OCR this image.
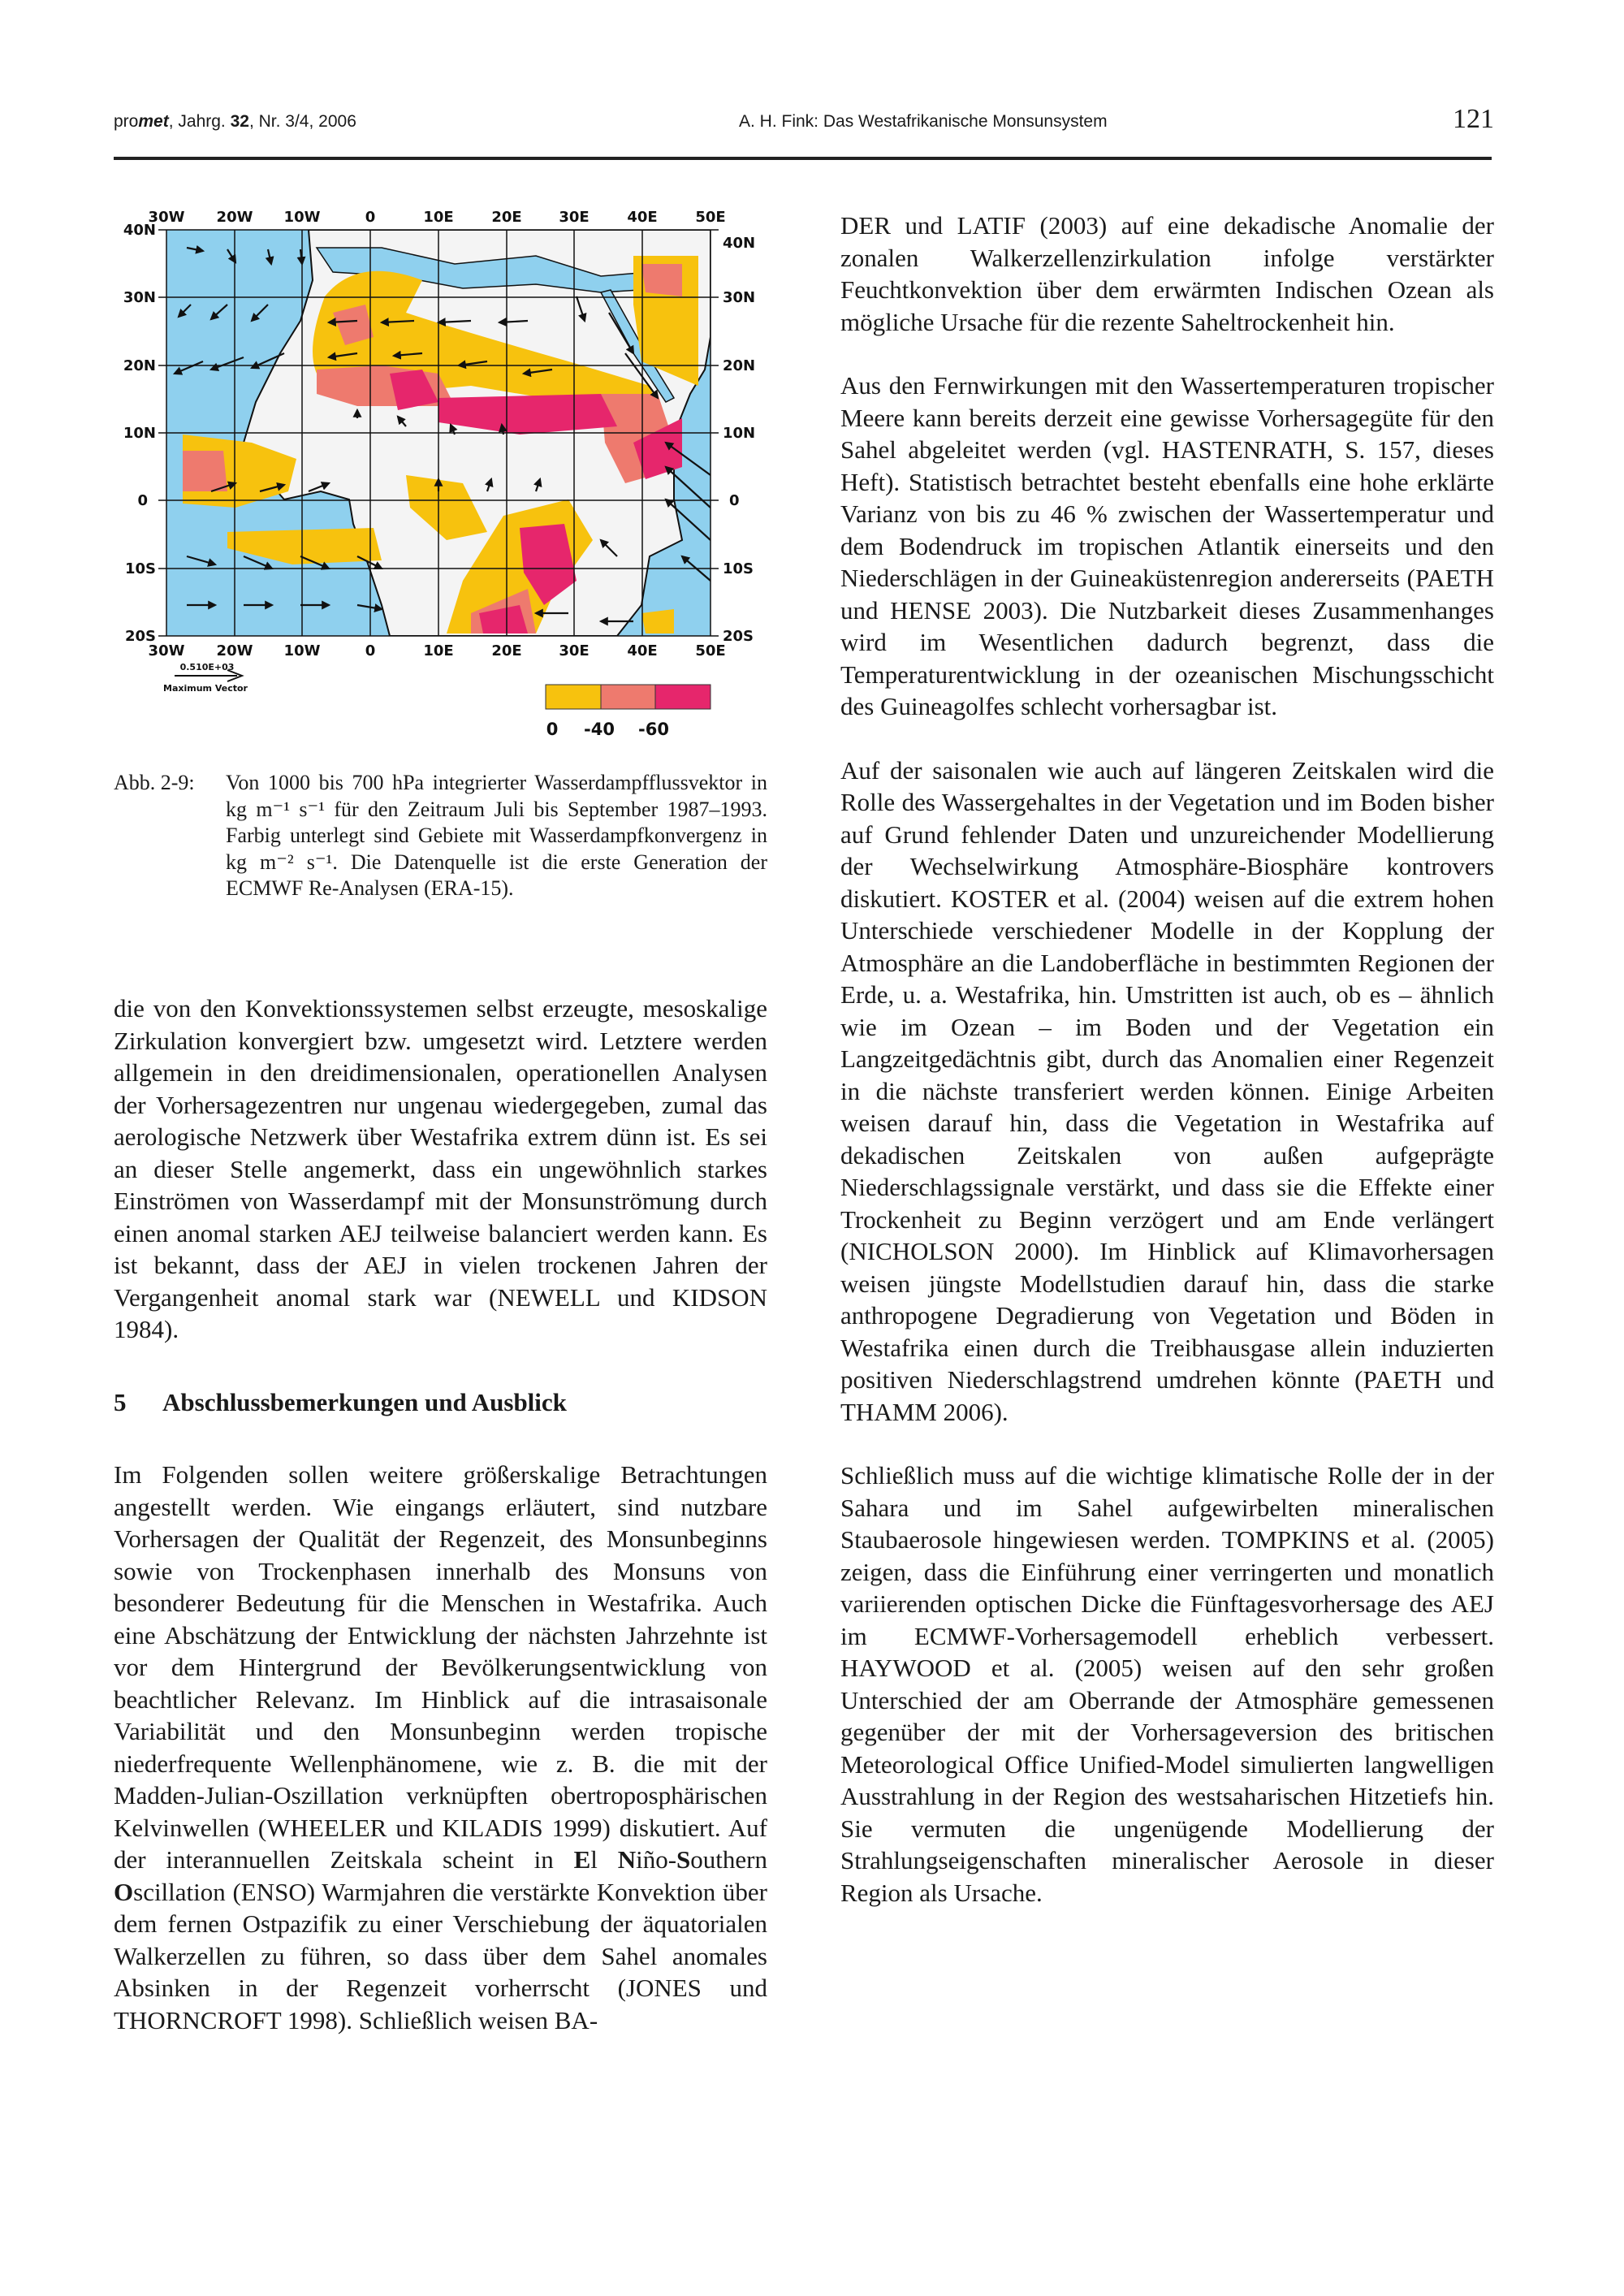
promet, Jahrg. 32, Nr. 3/4, 2006	A. H. Fink: Das Westafrikanische Monsunsystem	121
30W 20W 10W	0	10E	20E	30E	40E	50E
30W 20W 10W	0	10E	20E	30E	40E	50E
40N
30N
20N
10N
0
10S
20S
40N
30N
20N
10N
0
10S
20S
0.510E+03
Maximum Vector
0 -40 -60
Abb. 2-9: Von 1000 bis 700 hPa integrierter Wasserdampfflussvektor in kg m⁻¹ s⁻¹ für den Zeitraum Juli bis September 1987–1993. Farbig unterlegt sind Gebiete mit Wasserdampfkonvergenz in kg m⁻² s⁻¹. Die Datenquelle ist die erste Generation der ECMWF Re-Analysen (ERA-15).

die von den Konvektionssystemen selbst erzeugte, mesoskalige Zirkulation konvergiert bzw. umgesetzt wird. Letztere werden allgemein in den dreidimensionalen, operationellen Analysen der Vorhersagezentren nur ungenau wiedergegeben, zumal das aerologische Netzwerk über Westafrika extrem dünn ist. Es sei an dieser Stelle angemerkt, dass ein ungewöhnlich starkes Einströmen von Wasserdampf mit der Monsunströmung durch einen anomal starken AEJ teilweise balanciert werden kann. Es ist bekannt, dass der AEJ in vielen trockenen Jahren der Vergangenheit anomal stark war (NEWELL und KIDSON 1984).

5 Abschlussbemerkungen und Ausblick

Im Folgenden sollen weitere größerskalige Betrachtungen angestellt werden. Wie eingangs erläutert, sind nutzbare Vorhersagen der Qualität der Regenzeit, des Monsunbeginns sowie von Trockenphasen innerhalb des Monsuns von besonderer Bedeutung für die Menschen in Westafrika. Auch eine Abschätzung der Entwicklung der nächsten Jahrzehnte ist vor dem Hintergrund der Bevölkerungsentwicklung von beachtlicher Relevanz. Im Hinblick auf die intrasaisonale Variabilität und den Monsunbeginn werden tropische niederfrequente Wellenphänomene, wie z. B. die mit der Madden-Julian-Oszillation verknüpften obertroposphärischen Kelvinwellen (WHEELER und KILADIS 1999) diskutiert. Auf der interannuellen Zeitskala scheint in El Niño-Southern Oscillation (ENSO) Warmjahren die verstärkte Konvektion über dem fernen Ostpazifik zu einer Verschiebung der äquatorialen Walkerzellen zu führen, so dass über dem Sahel anomales Absinken in der Regenzeit vorherrscht (JONES und THORNCROFT 1998). Schließlich weisen BA-

DER und LATIF (2003) auf eine dekadische Anomalie der zonalen Walkerzellenzirkulation infolge verstärkter Feuchtkonvektion über dem erwärmten Indischen Ozean als mögliche Ursache für die rezente Saheltrockenheit hin.

Aus den Fernwirkungen mit den Wassertemperaturen tropischer Meere kann bereits derzeit eine gewisse Vorhersagegüte für den Sahel abgeleitet werden (vgl. HASTENRATH, S. 157, dieses Heft). Statistisch betrachtet besteht ebenfalls eine hohe erklärte Varianz von bis zu 46 % zwischen der Wassertemperatur und dem Bodendruck im tropischen Atlantik einerseits und den Niederschlägen in der Guineaküstenregion andererseits (PAETH und HENSE 2003). Die Nutzbarkeit dieses Zusammenhanges wird im Wesentlichen dadurch begrenzt, dass die Temperaturentwicklung in der ozeanischen Mischungsschicht des Guineagolfes schlecht vorhersagbar ist.

Auf der saisonalen wie auch auf längeren Zeitskalen wird die Rolle des Wassergehaltes in der Vegetation und im Boden bisher auf Grund fehlender Daten und unzureichender Modellierung der Wechselwirkung Atmosphäre-Biosphäre kontrovers diskutiert. KOSTER et al. (2004) weisen auf die extrem hohen Unterschiede verschiedener Modelle in der Kopplung der Atmosphäre an die Landoberfläche in bestimmten Regionen der Erde, u. a. Westafrika, hin. Umstritten ist auch, ob es – ähnlich wie im Ozean – im Boden und der Vegetation ein Langzeitgedächtnis gibt, durch das Anomalien einer Regenzeit in die nächste transferiert werden können. Einige Arbeiten weisen darauf hin, dass die Vegetation in Westafrika auf dekadischen Zeitskalen von außen aufgeprägte Niederschlagssignale verstärkt, und dass sie die Effekte einer Trockenheit zu Beginn verzögert und am Ende verlängert (NICHOLSON 2000). Im Hinblick auf Klimavorhersagen weisen jüngste Modellstudien darauf hin, dass die starke anthropogene Degradierung von Vegetation und Böden in Westafrika einen durch die Treibhausgase allein induzierten positiven Niederschlagstrend umdrehen könnte (PAETH und THAMM 2006).

Schließlich muss auf die wichtige klimatische Rolle der in der Sahara und im Sahel aufgewirbelten mineralischen Staubaerosole hingewiesen werden. TOMPKINS et al. (2005) zeigen, dass die Einführung einer verringerten und monatlich variierenden optischen Dicke die Fünftagesvorhersage des AEJ im ECMWF-Vorhersagemodell erheblich verbessert. HAYWOOD et al. (2005) weisen auf den sehr großen Unterschied der am Oberrande der Atmosphäre gemessenen gegenüber der mit der Vorhersageversion des britischen Meteorological Office Unified-Model simulierten langwelligen Ausstrahlung in der Region des westsaharischen Hitzetiefs hin. Sie vermuten die ungenügende Modellierung der Strahlungseigenschaften mineralischer Aerosole in dieser Region als Ursache.
